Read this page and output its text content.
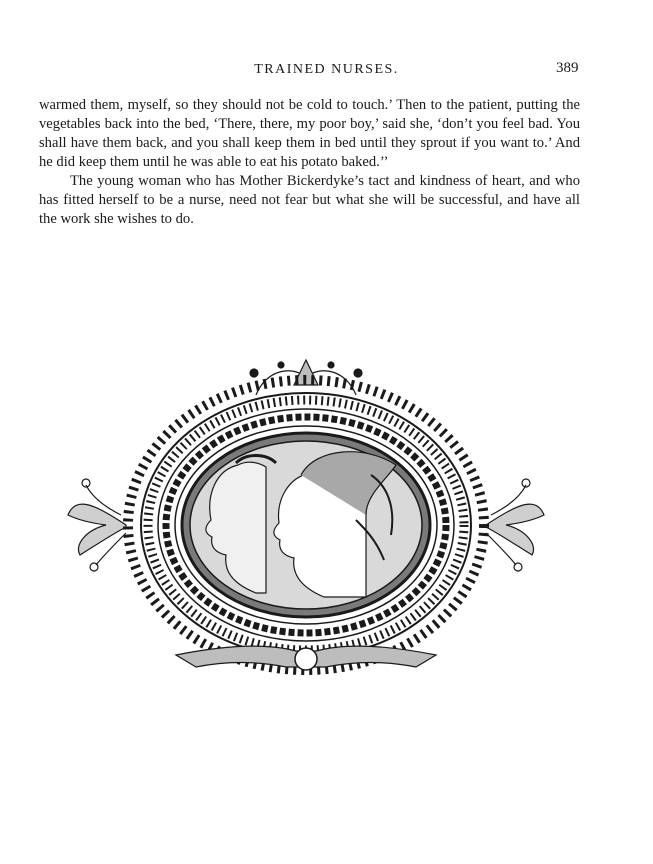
TRAINED NURSES.	389

warmed them, myself, so they should not be cold to touch.’ Then to the patient, putting the vegetables back into the bed, ‘There, there, my poor boy,’ said she, ‘don’t you feel bad. You shall have them back, and you shall keep them in bed until they sprout if you want to.’ And he did keep them until he was able to eat his potato baked.’’

The young woman who has Mother Bickerdyke’s tact and kindness of heart, and who has fitted herself to be a nurse, need not fear but what she will be successful, and have all the work she wishes to do.
